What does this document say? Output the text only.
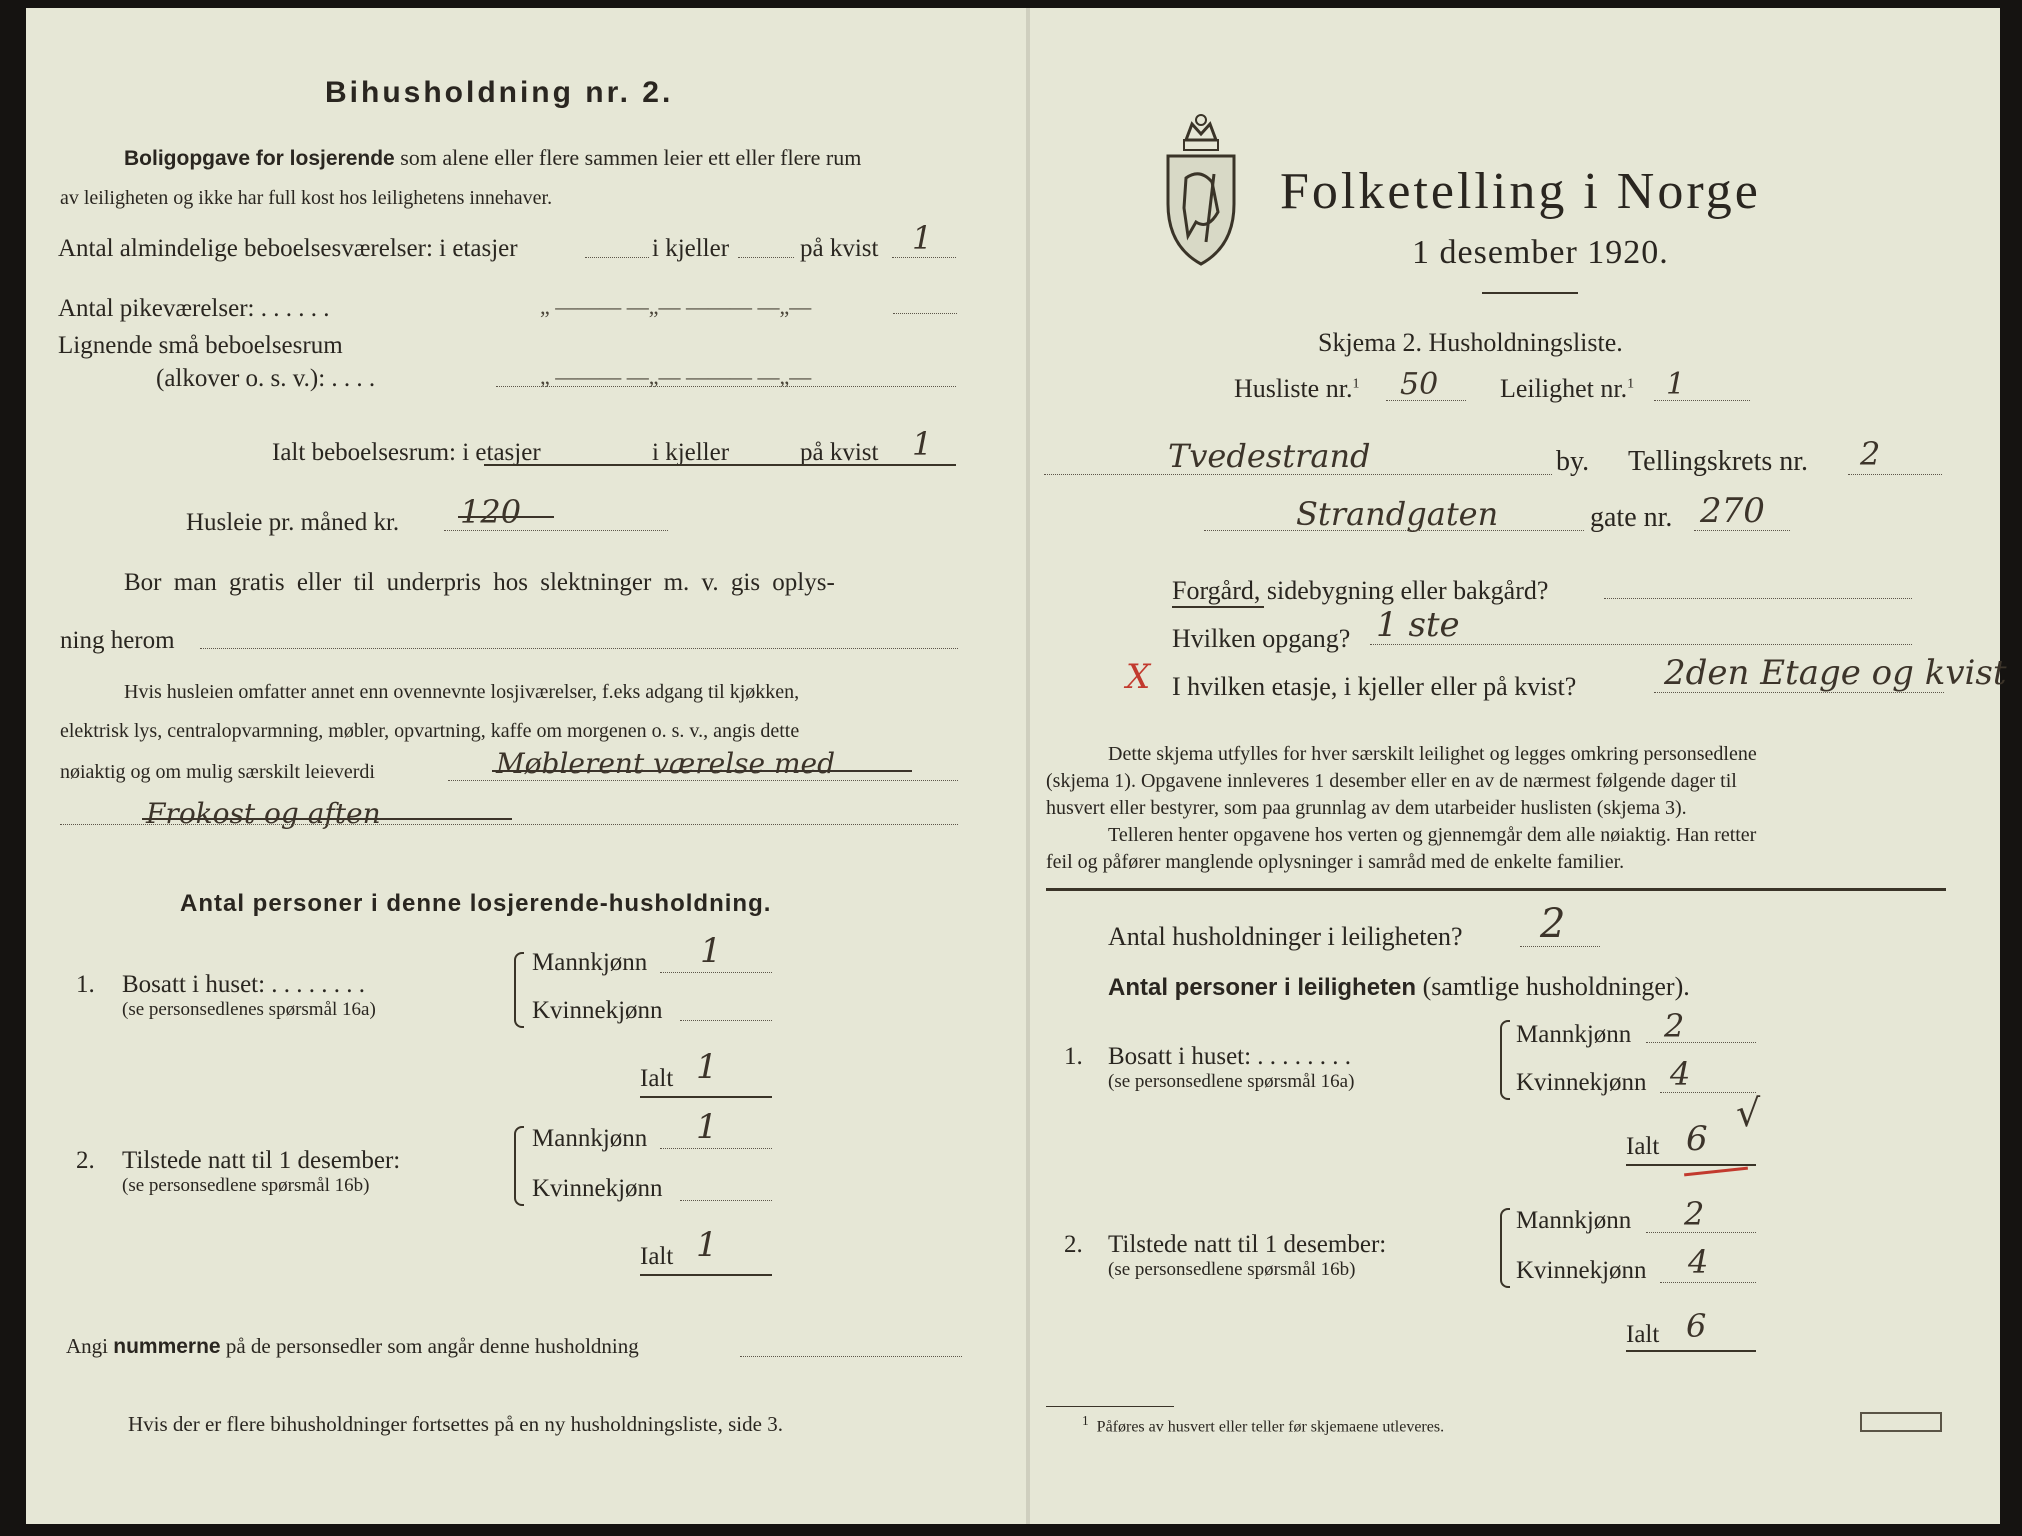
Bihusholdning nr. 2.
Boligopgave for losjerende som alene eller flere sammen leier ett eller flere rum
av leiligheten og ikke har full kost hos leilighetens innehaver.
Antal almindelige beboelsesværelser: i etasjer	i kjeller	på kvist 1
Antal pikeværelser: . . . . . .	„ ——— —„— ——— —„—
Lignende små beboelsesrum
(alkover o. s. v.): . . . .	„ ——— —„— ——— —„—
Ialt beboelsesrum: i etasjer	i kjeller	på kvist 1
Husleie pr. måned kr. 120
Bor man gratis eller til underpris hos slektninger m. v. gis oplys-
ning herom
Hvis husleien omfatter annet enn ovennevnte losjiværelser, f.eks adgang til kjøkken,
elektrisk lys, centralopvarmning, møbler, opvartning, kaffe om morgenen o. s. v., angis dette
nøiaktig og om mulig særskilt leieverdi	Møblerent værelse med
Frokost og aften
Antal personer i denne losjerende-husholdning.
1. Bosatt i huset: . . . . . . . .
(se personsedlenes spørsmål 16a)
Mannkjønn 1
Kvinnekjønn
Ialt 1
2. Tilstede natt til 1 desember:
(se personsedlene spørsmål 16b)
Mannkjønn 1
Kvinnekjønn
Ialt 1
Angi nummerne på de personsedler som angår denne husholdning
Hvis der er flere bihusholdninger fortsettes på en ny husholdningsliste, side 3.
Folketelling i Norge
1 desember 1920.
Skjema 2. Husholdningsliste.
Husliste nr.$^1$ 50 Leilighet nr.$^1$ 1
Tvedestrand	by. Tellingskrets nr. 2
Strandgaten	gate nr. 270
Forgård, sidebygning eller bakgård?
Hvilken opgang? 1 ste
X I hvilken etasje, i kjeller eller på kvist?	2den Etage og kvist
Dette skjema utfylles for hver særskilt leilighet og legges omkring personsedlene
(skjema 1). Opgavene innleveres 1 desember eller en av de nærmest følgende dager til
husvert eller bestyrer, som paa grunnlag av dem utarbeider huslisten (skjema 3).
Telleren henter opgavene hos verten og gjennemgår dem alle nøiaktig. Han retter
feil og påfører manglende oplysninger i samråd med de enkelte familier.
Antal husholdninger i leiligheten? 2
Antal personer i leiligheten (samtlige husholdninger).
1. Bosatt i huset: . . . . . . . .
(se personsedlene spørsmål 16a)
Mannkjønn 2
Kvinnekjønn 4
Ialt 6
√
2. Tilstede natt til 1 desember:
(se personsedlene spørsmål 16b)
Mannkjønn 2
Kvinnekjønn 4
Ialt 6
$^1$ Påføres av husvert eller teller før skjemaene utleveres.
